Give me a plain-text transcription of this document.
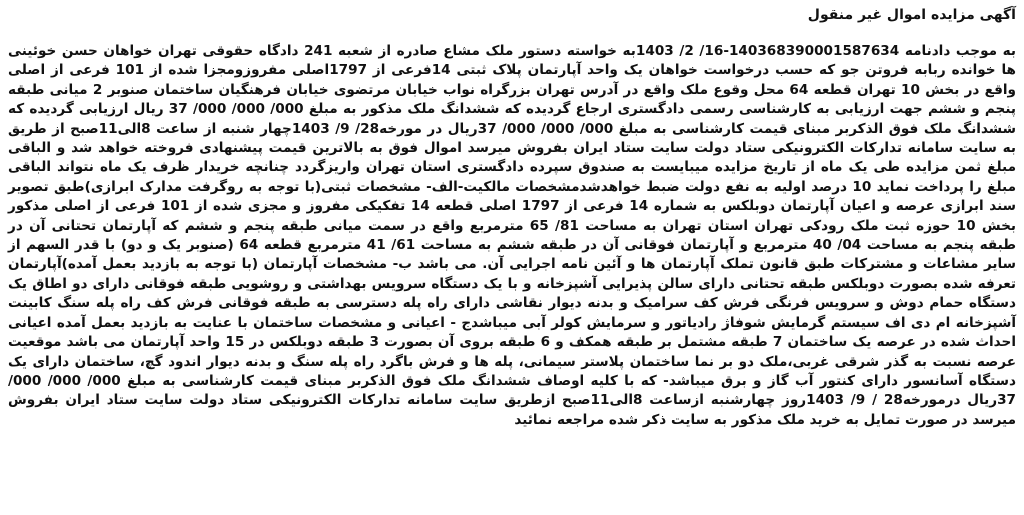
آگهی مزایده اموال غیر منقول

به موجب دادنامه 140368390001587634-16/ 2/ 1403به خواسته دستور ملک مشاع صادره از شعبه 241 دادگاه حقوقی تهران خواهان حسن خوئینی ها خوانده ربابه فروتن جو که حسب درخواست خواهان یک واحد آپارتمان پلاک ثبتی 14فرعی از 1797اصلی مفروزومجزا شده از 101 فرعی از اصلی واقع در بخش 10 تهران قطعه 64 محل وقوع ملک واقع در آدرس تهران بزرگراه نواب خیابان مرتضوی خیابان فرهنگیان ساختمان صنوبر 2 میانی طبقه پنجم و ششم جهت ارزیابی به کارشناسی رسمی دادگستری ارجاع گردیده که ششدانگ ملک مذکور به مبلغ 000/ 000/ 000/ 37 ریال ارزیابی گردیده که ششدانگ ملک فوق الذکربر مبنای قیمت کارشناسی به مبلغ 000/ 000/ 000/ 37ریال در مورخه28/ 9/ 1403چهار شنبه از ساعت 8الی11صبح از طریق به سایت سامانه تدارکات الکترونیکی ستاد دولت سایت ستاد ایران بفروش میرسد اموال فوق به بالاترین قیمت پیشنهادی فروخته خواهد شد و الباقی مبلغ ثمن مزایده طی یک ماه از تاریخ مزایده میبایست به صندوق سپرده دادگستری استان تهران واریزگردد چنانچه خریدار ظرف یک ماه نتواند الباقی مبلغ را پرداخت نماید 10 درصد اولیه به نفع دولت ضبط خواهدشدمشخصات مالکیت-الف- مشخصات ثبتی(با توجه به روگرفت مدارک ابرازی)طبق تصویر سند ابرازی عرصه و اعیان آپارتمان دوبلکس به شماره 14 فرعی از 1797 اصلی قطعه 14 تفکیکی مفروز و مجزی شده از 101 فرعی از اصلی مذکور بخش 10 حوزه ثبت ملک رودکی تهران استان تهران به مساحت 81/ 65 مترمربع واقع در سمت میانی طبقه پنجم و ششم که آپارتمان تحتانی آن در طبقه پنجم به مساحت 04/ 40 مترمربع و آپارتمان فوقانی آن در طبقه ششم به مساحت 61/ 41 مترمربع قطعه 64 (صنوبر یک و دو) با قدر السهم از سایر مشاعات و مشترکات طبق قانون تملک آپارتمان ها و آئین نامه اجرایی آن. می باشد ب- مشخصات آپارتمان (با توجه به بازدید بعمل آمده)آپارتمان تعرفه شده بصورت دوبلکس طبقه تحتانی دارای سالن پذیرایی آشپزخانه و با یک دستگاه سرویس بهداشتی و روشویی طبقه فوقانی دارای دو اطاق یک دستگاه حمام دوش و سرویس فرنگی فرش کف سرامیک و بدنه دیوار نقاشی دارای راه پله دسترسی به طبقه فوقانی فرش کف راه پله سنگ کابینت آشپزخانه ام دی اف سیستم گرمایش شوفاژ رادیاتور و سرمایش کولر آبی میباشدج - اعیانی و مشخصات ساختمان با عنایت به بازدید بعمل آمده اعیانی احداث شده در عرصه یک ساختمان 7 طبقه مشتمل بر طبقه همکف و 6 طبقه بروی آن بصورت 3 طبقه دوبلکس در 15 واحد آپارتمان می باشد موقعیت عرصه نسبت به گذر شرقی غربی،ملک دو بر نما ساختمان پلاستر سیمانی، پله ها و فرش باگرد راه پله سنگ و بدنه دیوار اندود گچ، ساختمان دارای یک دستگاه آسانسور دارای کنتور آب گاز و برق میباشد- که با کلیه اوصاف ششدانگ ملک فوق الذکربر مبنای قیمت کارشناسی به مبلغ 000/ 000/ 000/ 37ریال درمورخه28 / 9/ 1403روز چهارشنبه ازساعت 8الی11صبح ازطریق سایت سامانه تدارکات الکترونیکی ستاد دولت سایت ستاد ایران بفروش میرسد در صورت تمایل به خرید ملک مذکور به سایت ذکر شده مراجعه نمائید
